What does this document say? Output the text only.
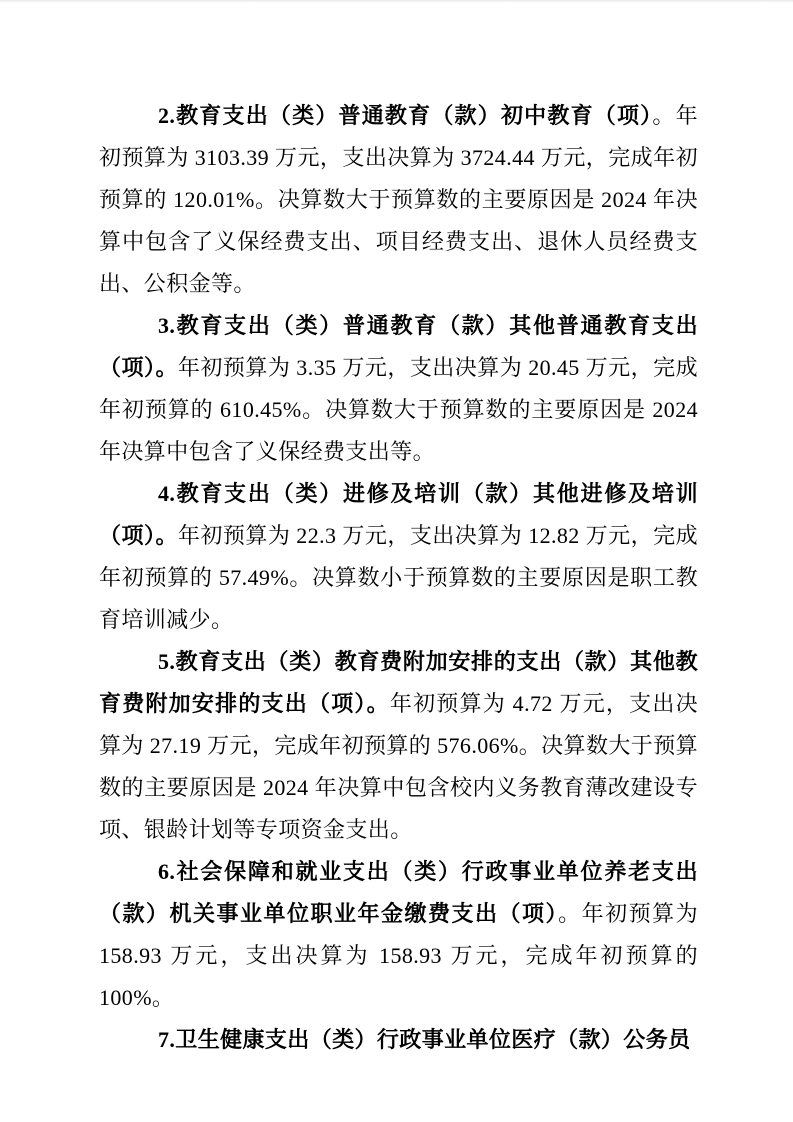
2.教育支出（类）普通教育（款）初中教育（项）。年初预算为 3103.39 万元，支出决算为 3724.44 万元，完成年初预算的 120.01%。决算数大于预算数的主要原因是 2024 年决算中包含了义保经费支出、项目经费支出、退休人员经费支出、公积金等。

3.教育支出（类）普通教育（款）其他普通教育支出（项）。年初预算为 3.35 万元，支出决算为 20.45 万元，完成年初预算的 610.45%。决算数大于预算数的主要原因是 2024 年决算中包含了义保经费支出等。

4.教育支出（类）进修及培训（款）其他进修及培训（项）。年初预算为 22.3 万元，支出决算为 12.82 万元，完成年初预算的 57.49%。决算数小于预算数的主要原因是职工教育培训减少。

5.教育支出（类）教育费附加安排的支出（款）其他教育费附加安排的支出（项）。年初预算为 4.72 万元，支出决算为 27.19 万元，完成年初预算的 576.06%。决算数大于预算数的主要原因是 2024 年决算中包含校内义务教育薄改建设专项、银龄计划等专项资金支出。

6.社会保障和就业支出（类）行政事业单位养老支出（款）机关事业单位职业年金缴费支出（项）。年初预算为 158.93 万元，支出决算为 158.93 万元，完成年初预算的 100%。

7.卫生健康支出（类）行政事业单位医疗（款）公务员
